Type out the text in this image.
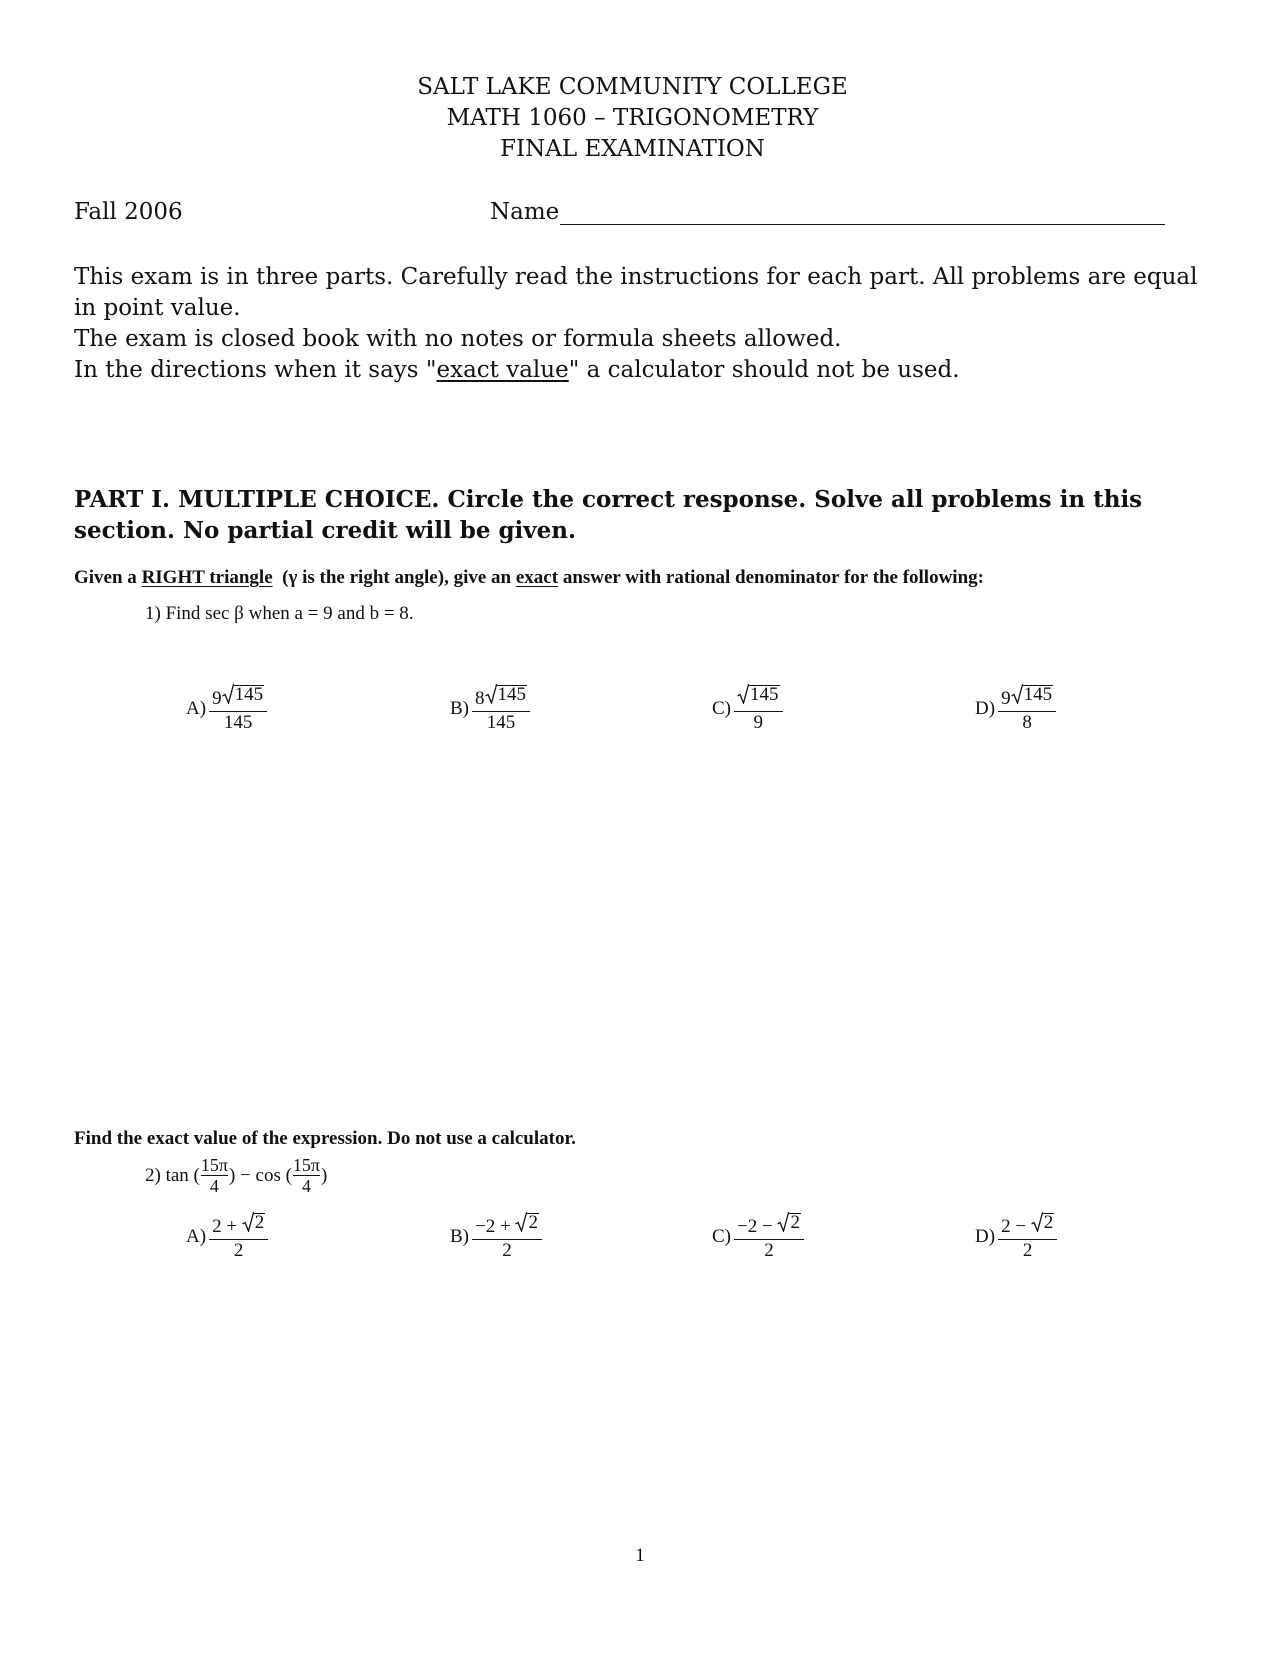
SALT LAKE COMMUNITY COLLEGE
MATH 1060 – TRIGONOMETRY
FINAL EXAMINATION
Fall 2006	Name

This exam is in three parts. Carefully read the instructions for each part. All problems are equal in point value.

The exam is closed book with no notes or formula sheets allowed.

In the directions when it says "exact value" a calculator should not be used.

PART I. MULTIPLE CHOICE. Circle the correct response. Solve all problems in this section. No partial credit will be given.
Given a RIGHT triangle  (γ is the right angle), give an exact answer with rational denominator for the following:
1) Find sec β when a = 9 and b = 8.
$A) \frac{9 145}{145}$	$B) \frac{8 145}{145}$	$C) \frac{145}{9}$	$D) \frac{9 145}{8}$
Find the exact value of the expression. Do not use a calculator.
2) tan ( $\frac{15\pi}{4}$ ) − cos ( $\frac{15\pi}{4}$ )
$A) \frac{2 + 2}{2}$	$B) \frac{-2 + 2}{2}$	$C) \frac{-2 - 2}{2}$	$D) \frac{2 - 2}{2}$
1
